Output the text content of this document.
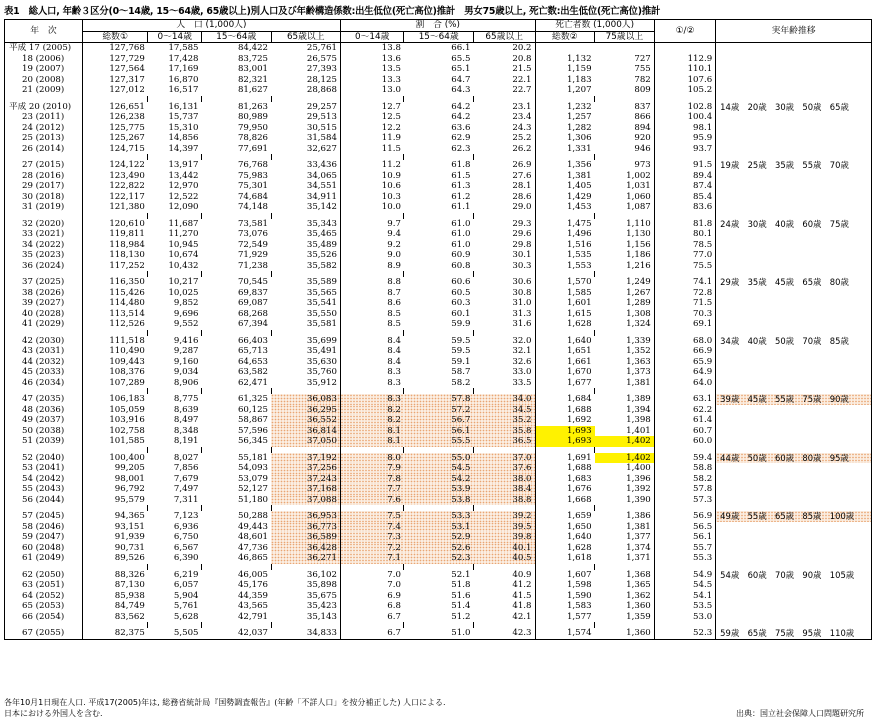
表1　総人口, 年齢３区分(0～14歳, 15～64歳, 65歳以上)別人口及び年齢構造係数:出生低位(死亡高位)推計　男女75歳以上, 死亡数:出生低位(死亡高位)推計
年　次	人　口 (1,000人)				割　合 (%)			死亡者数 (1,000人)		①/②	実年齢推移
	総数①	0～14歳	15～64歳	65歳以上	0～14歳	15～64歳	65歳以上	総数②	75歳以上		
平成 17 (2005)	127,768	17,585	84,422	25,761	13.8	66.1	20.2				
18 (2006)	127,729	17,428	83,725	26,575	13.6	65.5	20.8	1,132	727	112.9	
19 (2007)	127,564	17,169	83,001	27,393	13.5	65.1	21.5	1,159	755	110.1	
20 (2008)	127,317	16,870	82,321	28,125	13.3	64.7	22.1	1,183	782	107.6	
21 (2009)	127,012	16,517	81,627	28,868	13.0	64.3	22.7	1,207	809	105.2	

平成 20 (2010)	126,651	16,131	81,263	29,257	12.7	64.2	23.1	1,232	837	102.8	14歳　20歳　30歳　50歳　65歳
23 (2011)	126,238	15,737	80,989	29,513	12.5	64.2	23.4	1,257	866	100.4	
24 (2012)	125,775	15,310	79,950	30,515	12.2	63.6	24.3	1,282	894	98.1	
25 (2013)	125,267	14,856	78,826	31,584	11.9	62.9	25.2	1,306	920	95.9	
26 (2014)	124,715	14,397	77,691	32,627	11.5	62.3	26.2	1,331	946	93.7	

27 (2015)	124,122	13,917	76,768	33,436	11.2	61.8	26.9	1,356	973	91.5	19歳　25歳　35歳　55歳　70歳
28 (2016)	123,490	13,442	75,983	34,065	10.9	61.5	27.6	1,381	1,002	89.4	
29 (2017)	122,822	12,970	75,301	34,551	10.6	61.3	28.1	1,405	1,031	87.4	
30 (2018)	122,117	12,522	74,684	34,911	10.3	61.2	28.6	1,429	1,060	85.4	
31 (2019)	121,380	12,090	74,148	35,142	10.0	61.1	29.0	1,453	1,087	83.6	

32 (2020)	120,610	11,687	73,581	35,343	9.7	61.0	29.3	1,475	1,110	81.8	24歳　30歳　40歳　60歳　75歳
33 (2021)	119,811	11,270	73,076	35,465	9.4	61.0	29.6	1,496	1,130	80.1	
34 (2022)	118,984	10,945	72,549	35,489	9.2	61.0	29.8	1,516	1,156	78.5	
35 (2023)	118,130	10,674	71,929	35,526	9.0	60.9	30.1	1,535	1,186	77.0	
36 (2024)	117,252	10,432	71,238	35,582	8.9	60.8	30.3	1,553	1,216	75.5	

37 (2025)	116,350	10,217	70,545	35,589	8.8	60.6	30.6	1,570	1,249	74.1	29歳　35歳　45歳　65歳　80歳
38 (2026)	115,426	10,025	69,837	35,565	8.7	60.5	30.8	1,585	1,267	72.8	
39 (2027)	114,480	9,852	69,087	35,541	8.6	60.3	31.0	1,601	1,289	71.5	
40 (2028)	113,514	9,696	68,268	35,550	8.5	60.1	31.3	1,615	1,308	70.3	
41 (2029)	112,526	9,552	67,394	35,581	8.5	59.9	31.6	1,628	1,324	69.1	

42 (2030)	111,518	9,416	66,403	35,699	8.4	59.5	32.0	1,640	1,339	68.0	34歳　40歳　50歳　70歳　85歳
43 (2031)	110,490	9,287	65,713	35,491	8.4	59.5	32.1	1,651	1,352	66.9	
44 (2032)	109,443	9,160	64,653	35,630	8.4	59.1	32.6	1,661	1,363	65.9	
45 (2033)	108,376	9,034	63,582	35,760	8.3	58.7	33.0	1,670	1,373	64.9	
46 (2034)	107,289	8,906	62,471	35,912	8.3	58.2	33.5	1,677	1,381	64.0	

47 (2035)	106,183	8,775	61,325	36,083	8.3	57.8	34.0	1,684	1,389	63.1	39歳　45歳　55歳　75歳　90歳
48 (2036)	105,059	8,639	60,125	36,295	8.2	57.2	34.5	1,688	1,394	62.2	
49 (2037)	103,916	8,497	58,867	36,552	8.2	56.7	35.2	1,692	1,398	61.4	
50 (2038)	102,758	8,348	57,596	36,814	8.1	56.1	35.8	1,693	1,401	60.7	
51 (2039)	101,585	8,191	56,345	37,050	8.1	55.5	36.5	1,693	1,402	60.0	

52 (2040)	100,400	8,027	55,181	37,192	8.0	55.0	37.0	1,691	1,402	59.4	44歳　50歳　60歳　80歳　95歳
53 (2041)	99,205	7,856	54,093	37,256	7.9	54.5	37.6	1,688	1,400	58.8	
54 (2042)	98,001	7,679	53,079	37,243	7.8	54.2	38.0	1,683	1,396	58.2	
55 (2043)	96,792	7,497	52,127	37,168	7.7	53.9	38.4	1,676	1,392	57.8	
56 (2044)	95,579	7,311	51,180	37,088	7.6	53.8	38.8	1,668	1,390	57.3	

57 (2045)	94,365	7,123	50,288	36,953	7.5	53.3	39.2	1,659	1,386	56.9	49歳　55歳　65歳　85歳　100歳
58 (2046)	93,151	6,936	49,443	36,773	7.4	53.1	39.5	1,650	1,381	56.5	
59 (2047)	91,939	6,750	48,601	36,589	7.3	52.9	39.8	1,640	1,377	56.1	
60 (2048)	90,731	6,567	47,736	36,428	7.2	52.6	40.1	1,628	1,374	55.7	
61 (2049)	89,526	6,390	46,865	36,271	7.1	52.3	40.5	1,618	1,371	55.3	

62 (2050)	88,326	6,219	46,005	36,102	7.0	52.1	40.9	1,607	1,368	54.9	54歳　60歳　70歳　90歳　105歳
63 (2051)	87,130	6,057	45,176	35,898	7.0	51.8	41.2	1,598	1,365	54.5	
64 (2052)	85,938	5,904	44,359	35,675	6.9	51.6	41.5	1,590	1,362	54.1	
65 (2053)	84,749	5,761	43,565	35,423	6.8	51.4	41.8	1,583	1,360	53.5	
66 (2054)	83,562	5,628	42,791	35,143	6.7	51.2	42.1	1,577	1,359	53.0	

67 (2055)	82,375	5,505	42,037	34,833	6.7	51.0	42.3	1,574	1,360	52.3	59歳　65歳　75歳　95歳　110歳
各年10月1日現在人口. 平成17(2005)年は, 総務省統計局『国勢調査報告』(年齢「不詳人口」を按分補正した) 人口による.
日本における外国人を含む.	出典：国立社会保障人口問題研究所
